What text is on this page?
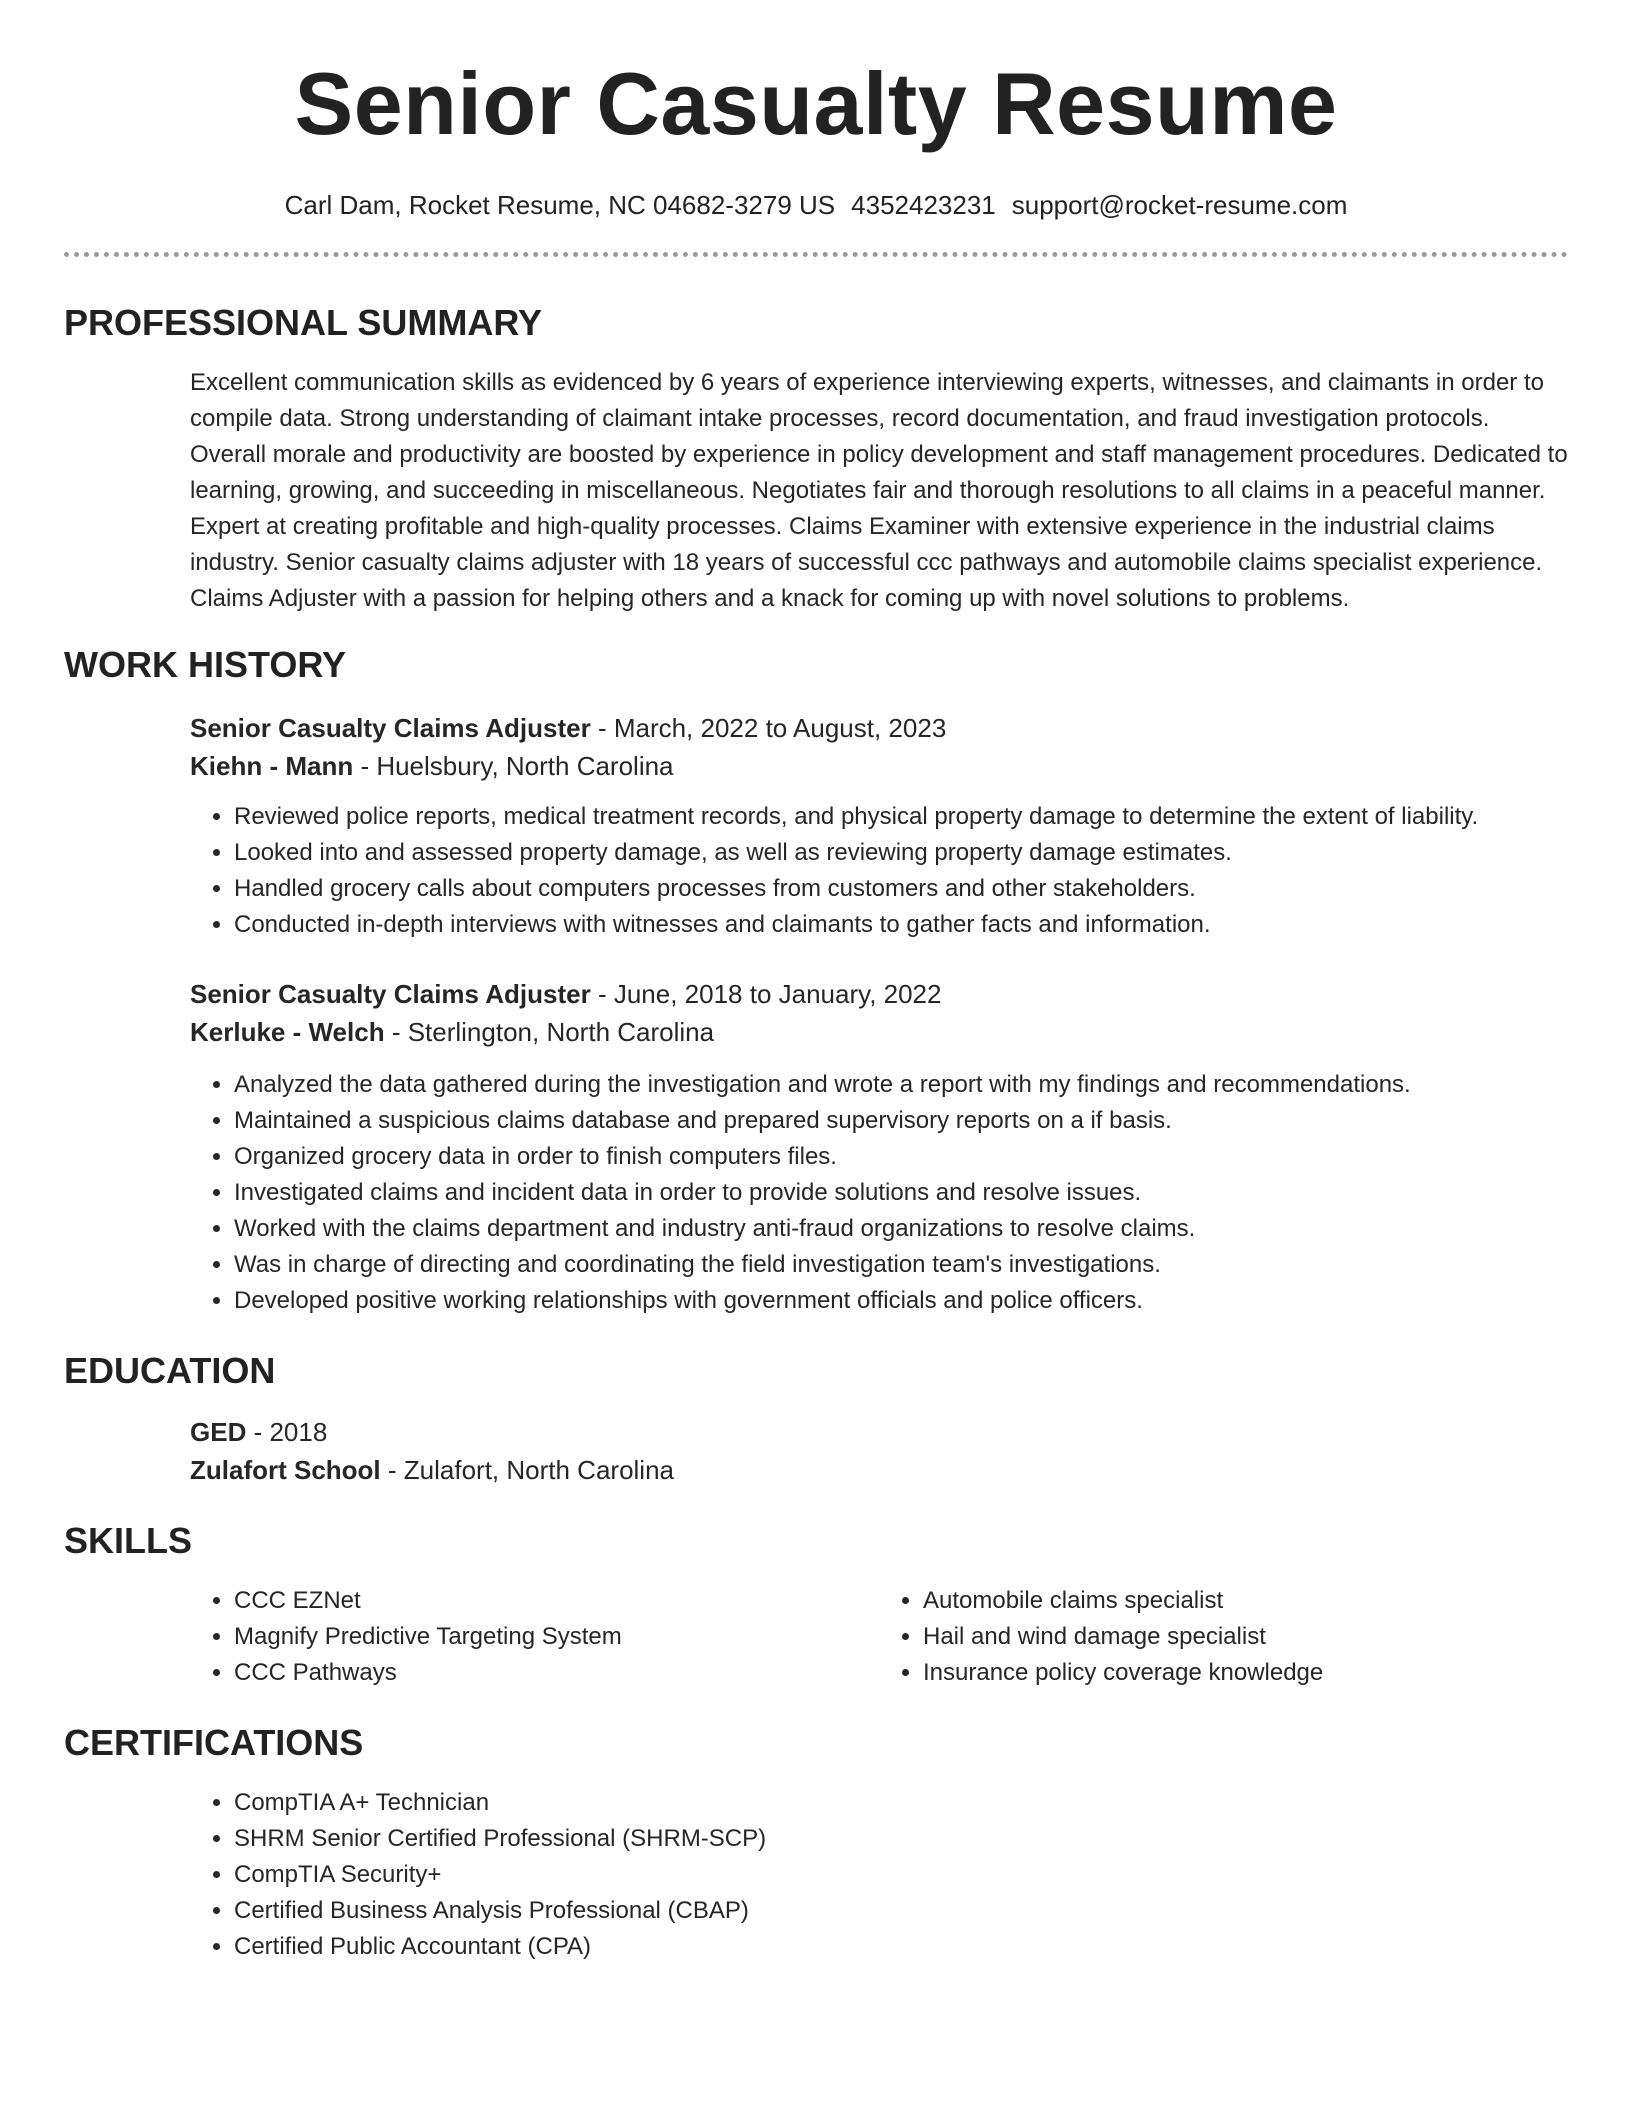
Senior Casualty Resume
Carl Dam, Rocket Resume, NC 04682-3279 US 4352423231 support@rocket-resume.com
PROFESSIONAL SUMMARY
Excellent communication skills as evidenced by 6 years of experience interviewing experts, witnesses, and claimants in order to compile data. Strong understanding of claimant intake processes, record documentation, and fraud investigation protocols. Overall morale and productivity are boosted by experience in policy development and staff management procedures. Dedicated to learning, growing, and succeeding in miscellaneous. Negotiates fair and thorough resolutions to all claims in a peaceful manner. Expert at creating profitable and high-quality processes. Claims Examiner with extensive experience in the industrial claims industry. Senior casualty claims adjuster with 18 years of successful ccc pathways and automobile claims specialist experience. Claims Adjuster with a passion for helping others and a knack for coming up with novel solutions to problems.
WORK HISTORY
Senior Casualty Claims Adjuster - March, 2022 to August, 2023
Kiehn - Mann - Huelsbury, North Carolina
• Reviewed police reports, medical treatment records, and physical property damage to determine the extent of liability.
• Looked into and assessed property damage, as well as reviewing property damage estimates.
• Handled grocery calls about computers processes from customers and other stakeholders.
• Conducted in-depth interviews with witnesses and claimants to gather facts and information.
Senior Casualty Claims Adjuster - June, 2018 to January, 2022
Kerluke - Welch - Sterlington, North Carolina
• Analyzed the data gathered during the investigation and wrote a report with my findings and recommendations.
• Maintained a suspicious claims database and prepared supervisory reports on a if basis.
• Organized grocery data in order to finish computers files.
• Investigated claims and incident data in order to provide solutions and resolve issues.
• Worked with the claims department and industry anti-fraud organizations to resolve claims.
• Was in charge of directing and coordinating the field investigation team's investigations.
• Developed positive working relationships with government officials and police officers.
EDUCATION
GED - 2018
Zulafort School - Zulafort, North Carolina
SKILLS
• CCC EZNet
• Magnify Predictive Targeting System
• CCC Pathways
• Automobile claims specialist
• Hail and wind damage specialist
• Insurance policy coverage knowledge
CERTIFICATIONS
• CompTIA A+ Technician
• SHRM Senior Certified Professional (SHRM-SCP)
• CompTIA Security+
• Certified Business Analysis Professional (CBAP)
• Certified Public Accountant (CPA)
